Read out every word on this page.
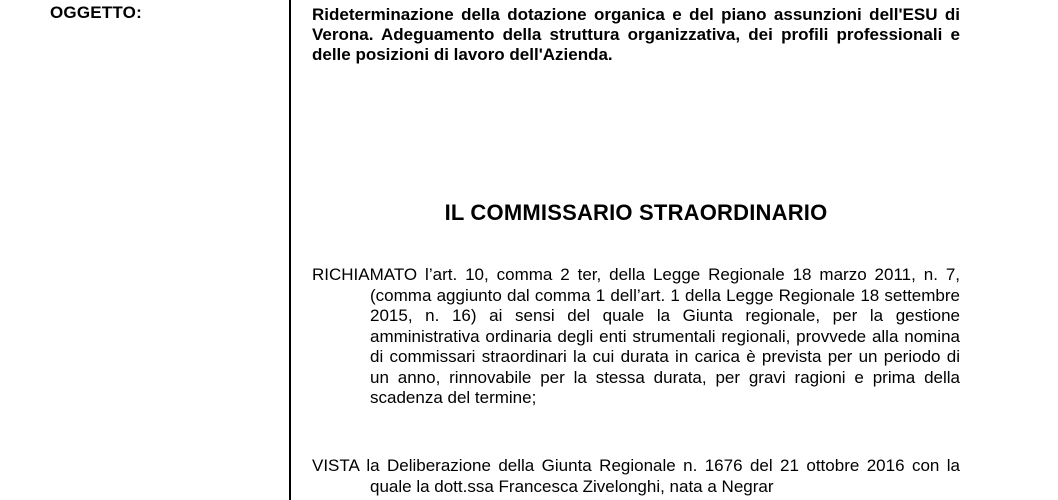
OGGETTO:	Rideterminazione della dotazione organica e del piano assunzioni dell'ESU di Verona. Adeguamento della struttura organizzativa, dei profili professionali e delle posizioni di lavoro dell'Azienda.
IL COMMISSARIO STRAORDINARIO
RICHIAMATO l’art. 10, comma 2 ter, della Legge Regionale 18 marzo 2011, n. 7, (comma aggiunto dal comma 1 dell’art. 1 della Legge Regionale 18 settembre 2015, n. 16) ai sensi del quale la Giunta regionale, per la gestione amministrativa ordinaria degli enti strumentali regionali, provvede alla nomina di commissari straordinari la cui durata in carica è prevista per un periodo di un anno, rinnovabile per la stessa durata, per gravi ragioni e prima della scadenza del termine;
VISTA la Deliberazione della Giunta Regionale n. 1676 del 21 ottobre 2016 con la quale la dott.ssa Francesca Zivelonghi, nata a Negrar
